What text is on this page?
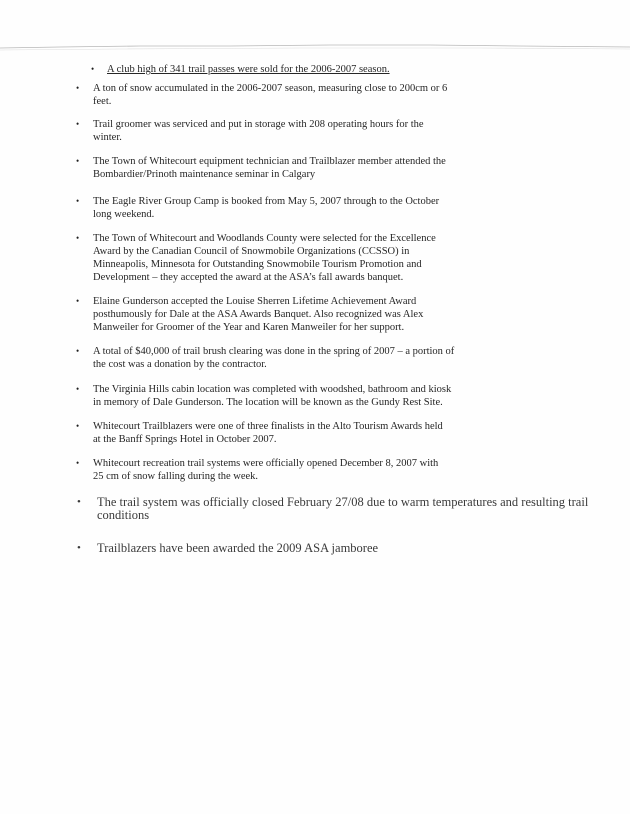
• A club high of 341 trail passes were sold for the 2006-2007 season.
• A ton of snow accumulated in the 2006-2007 season, measuring close to 200cm or 6
feet.
• Trail groomer was serviced and put in storage with 208 operating hours for the
winter.
• The Town of Whitecourt equipment technician and Trailblazer member attended the
Bombardier/Prinoth maintenance seminar in Calgary
• The Eagle River Group Camp is booked from May 5, 2007 through to the October
long weekend.
• The Town of Whitecourt and Woodlands County were selected for the Excellence
Award by the Canadian Council of Snowmobile Organizations (CCSSO) in
Minneapolis, Minnesota for Outstanding Snowmobile Tourism Promotion and
Development – they accepted the award at the ASA’s fall awards banquet.
• Elaine Gunderson accepted the Louise Sherren Lifetime Achievement Award
posthumously for Dale at the ASA Awards Banquet. Also recognized was Alex
Manweiler for Groomer of the Year and Karen Manweiler for her support.
• A total of $40,000 of trail brush clearing was done in the spring of 2007 – a portion of
the cost was a donation by the contractor.
• The Virginia Hills cabin location was completed with woodshed, bathroom and kiosk
in memory of Dale Gunderson. The location will be known as the Gundy Rest Site.
• Whitecourt Trailblazers were one of three finalists in the Alto Tourism Awards held
at the Banff Springs Hotel in October 2007.
• Whitecourt recreation trail systems were officially opened December 8, 2007 with
25 cm of snow falling during the week.
• The trail system was officially closed February 27/08 due to warm temperatures and resulting trail
conditions
• Trailblazers have been awarded the 2009 ASA jamboree
